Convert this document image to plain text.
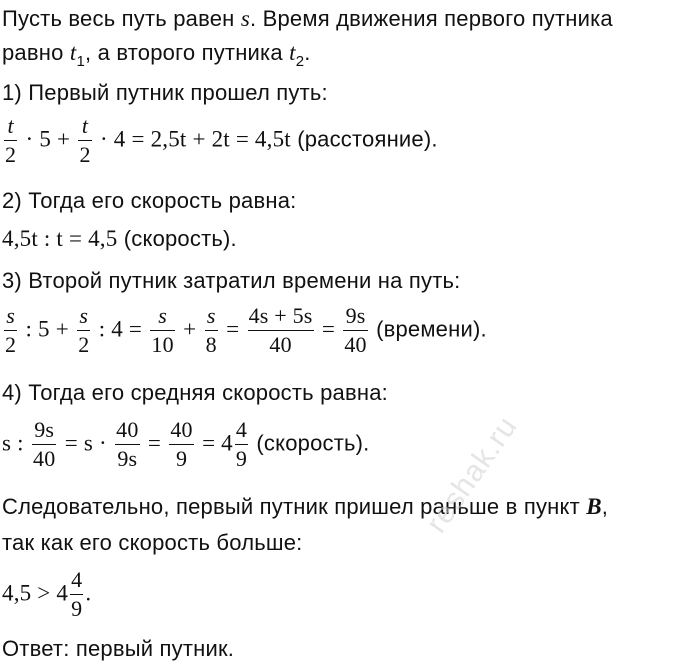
Пусть весь путь равен s. Время движения первого путника
равно $t_1$, а второго путника $t_2$.
1) Первый путник прошел путь:
$\frac{t}{2} \cdot 5 + \frac{t}{2} \cdot 4 = 2,5t + 2t = 4,5t$ (расстояние).
2) Тогда его скорость равна:
4,5t : t = 4,5 (скорость).
3) Второй путник затратил времени на путь:
$\frac{s}{2}$ : $5 + \frac{s}{2}$ : $4 = \frac{s}{10} + \frac{s}{8} = \frac{4s + 5s}{40} = \frac{9s}{40}$ (времени).
4) Тогда его средняя скорость равна:
s : $\frac{9s}{40} = s \cdot \frac{40}{9s} = \frac{40}{9} = 4 \frac{4}{9}$ (скорость).
Следовательно, первый путник пришел раньше в пункт B,
так как его скорость больше:
$4,5 > 4 \frac{4}{9}$ .
Ответ: первый путник.
reshak.ru
